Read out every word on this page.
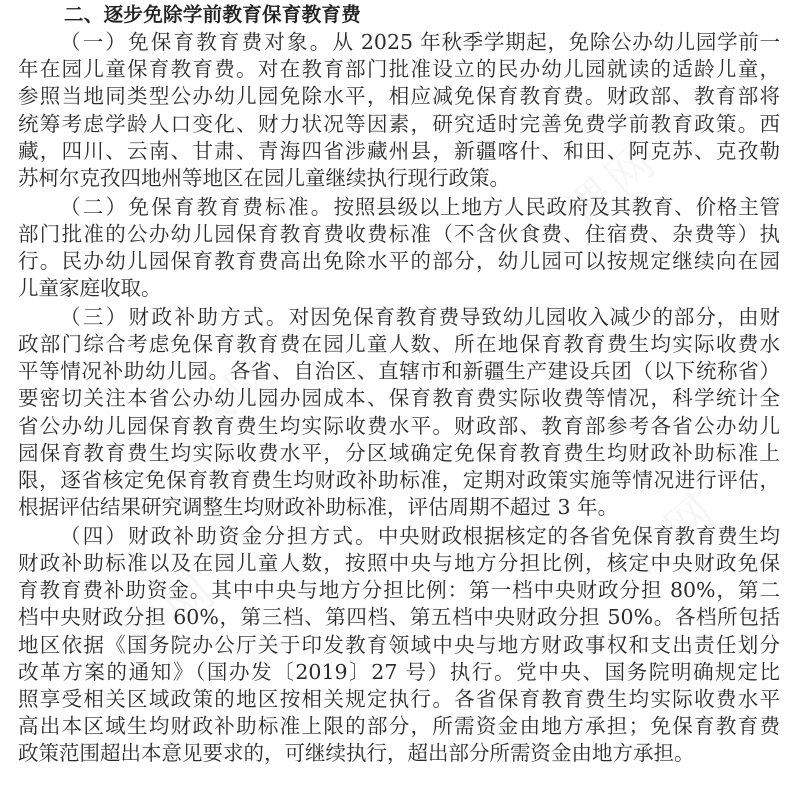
课网
课网
课网
课网
二、逐步免除学前教育保育教育费
（一）免保育教育费对象。从 2025 年秋季学期起，免除公办幼儿园学前一
年在园儿童保育教育费。对在教育部门批准设立的民办幼儿园就读的适龄儿童，
参照当地同类型公办幼儿园免除水平，相应减免保育教育费。财政部、教育部将
统筹考虑学龄人口变化、财力状况等因素，研究适时完善免费学前教育政策。西
藏，四川、云南、甘肃、青海四省涉藏州县，新疆喀什、和田、阿克苏、克孜勒
苏柯尔克孜四地州等地区在园儿童继续执行现行政策。
（二）免保育教育费标准。按照县级以上地方人民政府及其教育、价格主管
部门批准的公办幼儿园保育教育费收费标准（不含伙食费、住宿费、杂费等）执
行。民办幼儿园保育教育费高出免除水平的部分，幼儿园可以按规定继续向在园
儿童家庭收取。
（三）财政补助方式。对因免保育教育费导致幼儿园收入减少的部分，由财
政部门综合考虑免保育教育费在园儿童人数、所在地保育教育费生均实际收费水
平等情况补助幼儿园。各省、自治区、直辖市和新疆生产建设兵团（以下统称省）
要密切关注本省公办幼儿园办园成本、保育教育费实际收费等情况，科学统计全
省公办幼儿园保育教育费生均实际收费水平。财政部、教育部参考各省公办幼儿
园保育教育费生均实际收费水平，分区域确定免保育教育费生均财政补助标准上
限，逐省核定免保育教育费生均财政补助标准，定期对政策实施等情况进行评估，
根据评估结果研究调整生均财政补助标准，评估周期不超过 3 年。
（四）财政补助资金分担方式。中央财政根据核定的各省免保育教育费生均
财政补助标准以及在园儿童人数，按照中央与地方分担比例，核定中央财政免保
育教育费补助资金。其中中央与地方分担比例：第一档中央财政分担 80%，第二
档中央财政分担 60%，第三档、第四档、第五档中央财政分担 50%。各档所包括
地区依据《国务院办公厅关于印发教育领域中央与地方财政事权和支出责任划分
改革方案的通知》（国办发〔2019〕27 号）执行。党中央、国务院明确规定比
照享受相关区域政策的地区按相关规定执行。各省保育教育费生均实际收费水平
高出本区域生均财政补助标准上限的部分，所需资金由地方承担；免保育教育费
政策范围超出本意见要求的，可继续执行，超出部分所需资金由地方承担。
